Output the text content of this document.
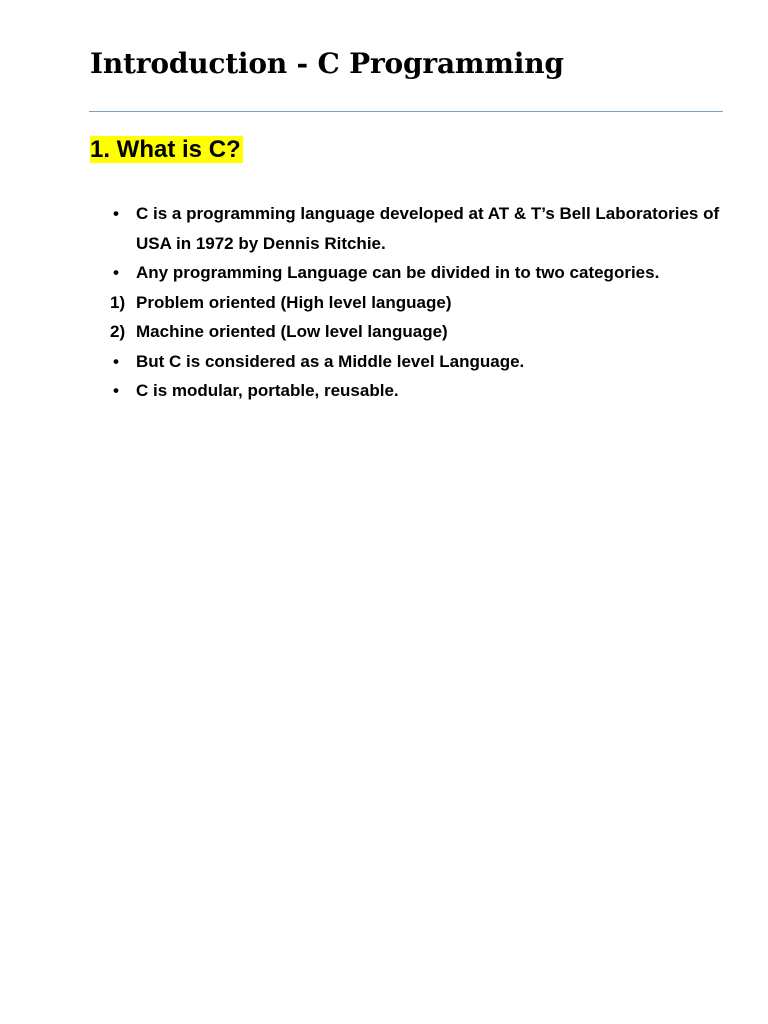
Introduction - C Programming
1. What is C?
•	C is a programming language developed at AT & T’s Bell Laboratories of USA in 1972 by Dennis Ritchie.
•	Any programming Language can be divided in to two categories.
1) Problem oriented (High level language)
2) Machine oriented (Low level language)
•	But C is considered as a Middle level Language.
•	C is modular, portable, reusable.
